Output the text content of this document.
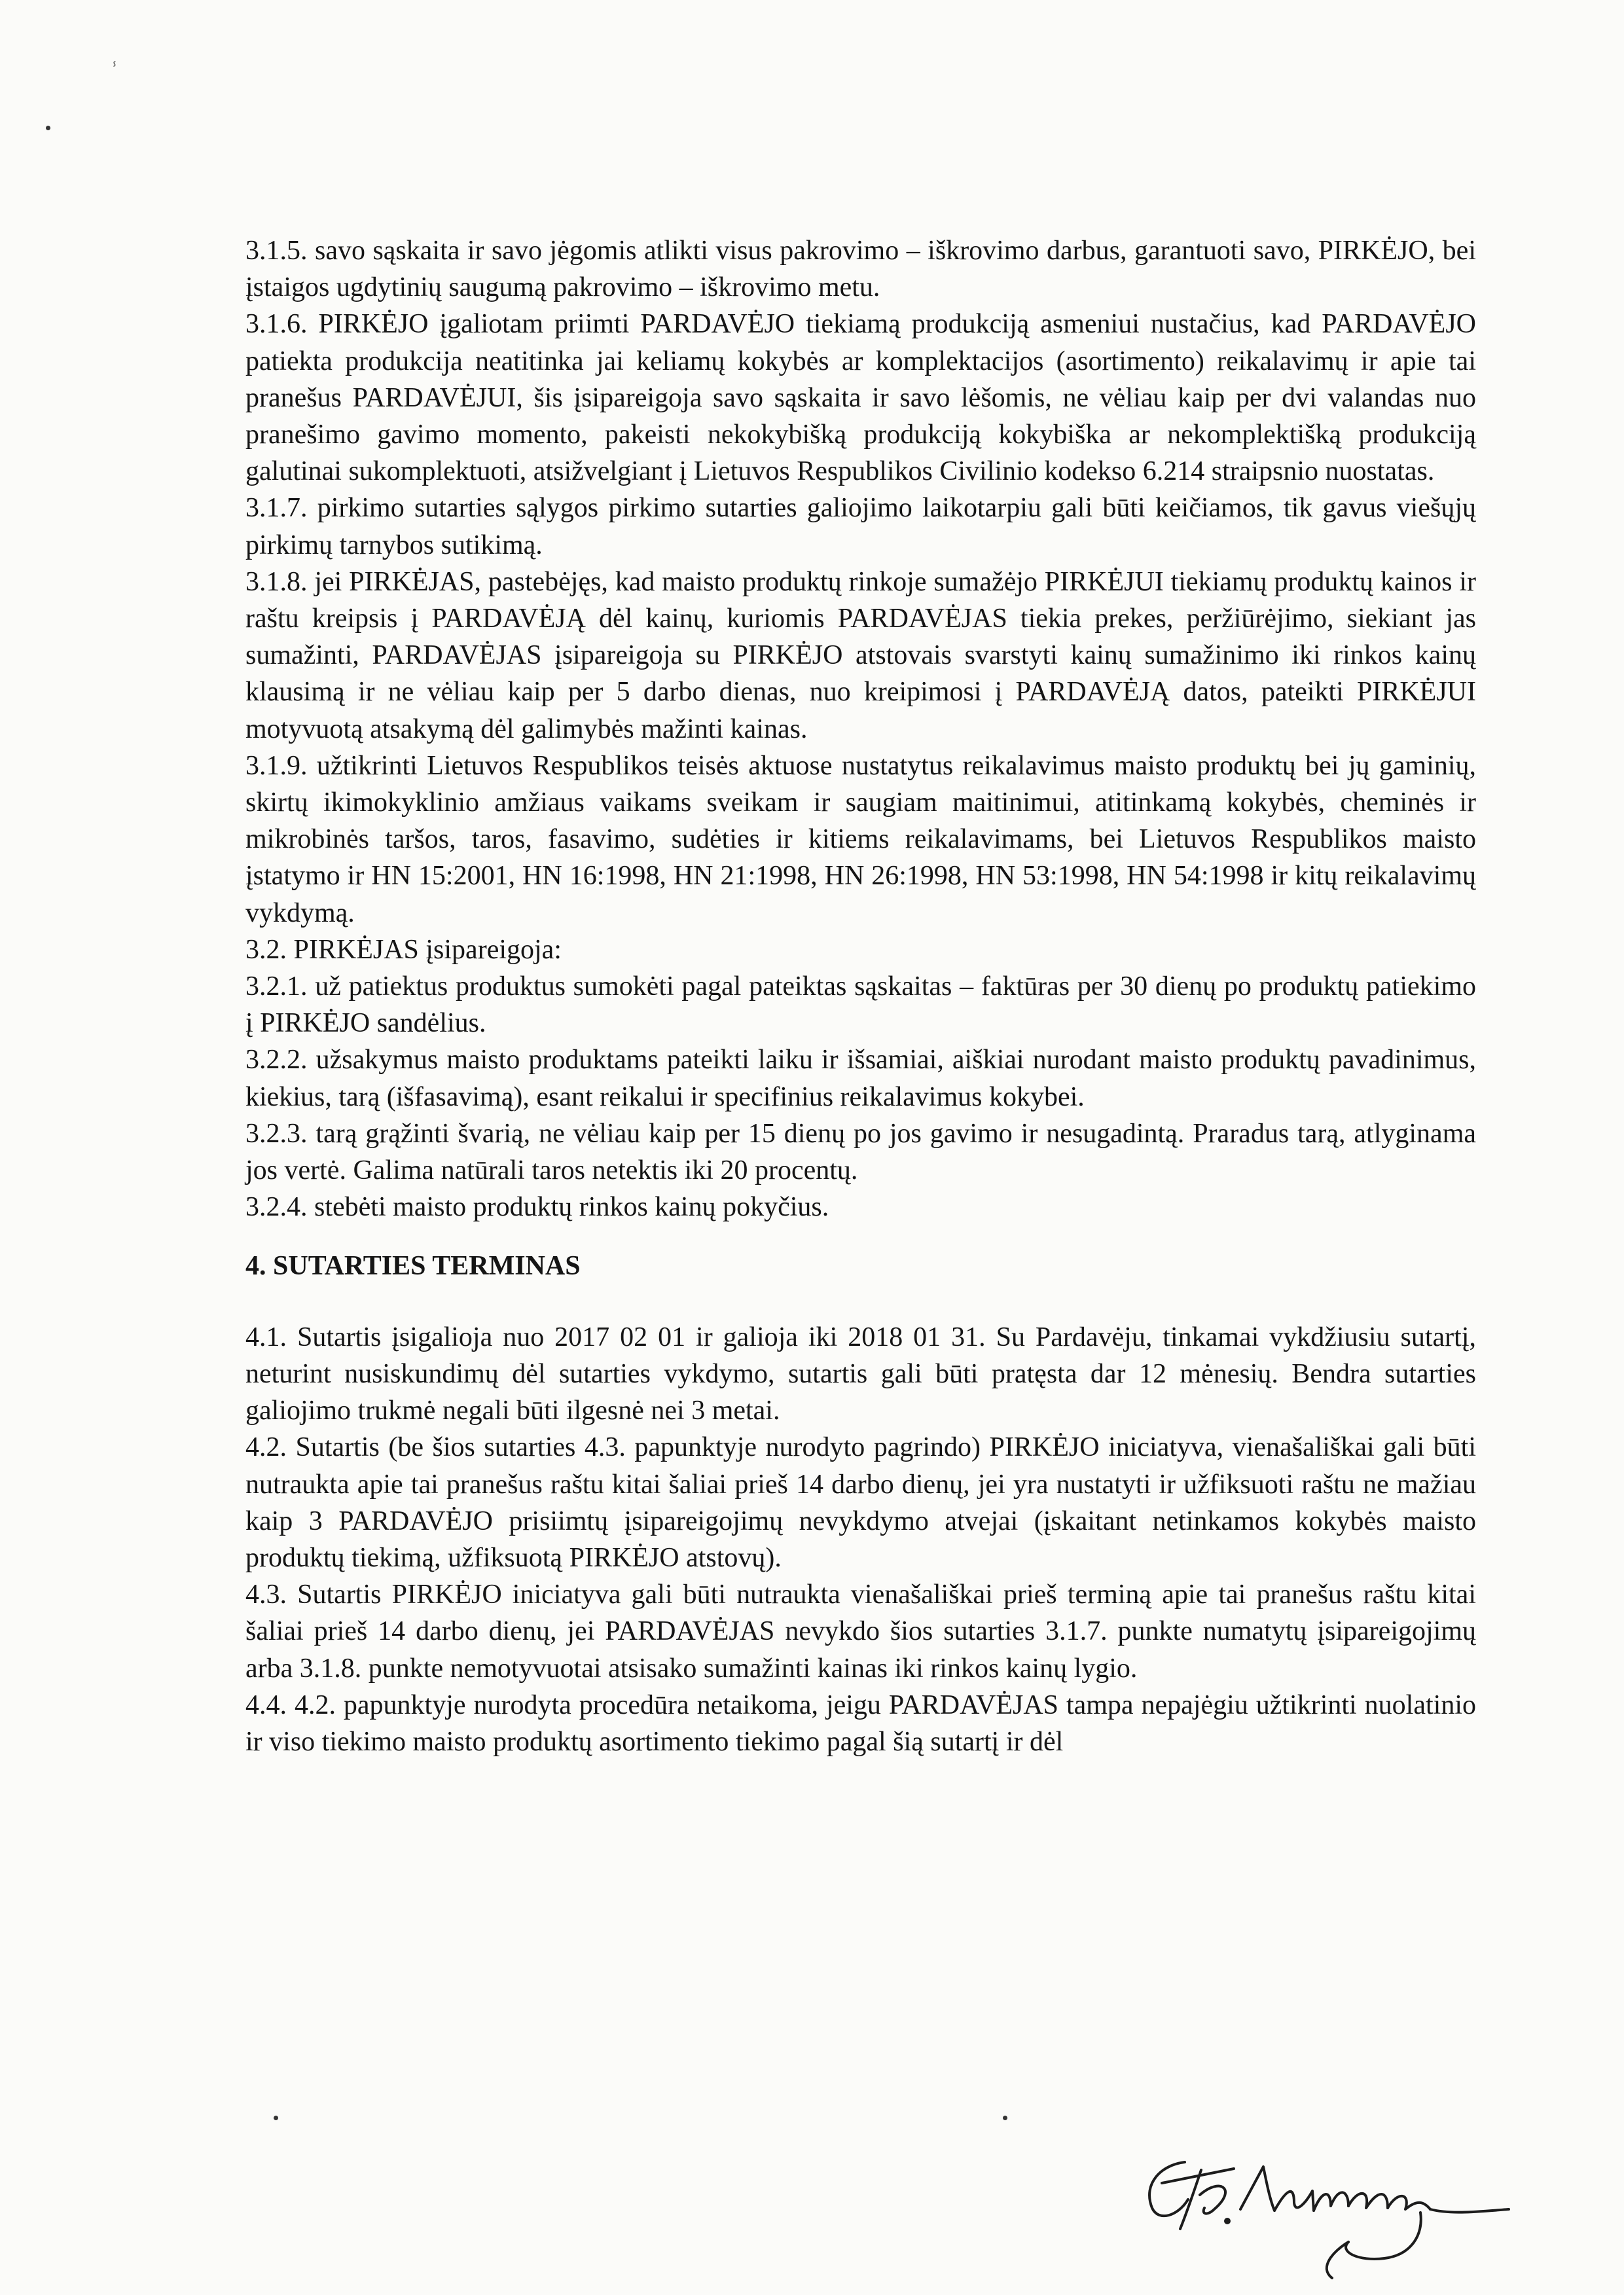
ⸯ

3.1.5. savo sąskaita ir savo jėgomis atlikti visus pakrovimo – iškrovimo darbus, garantuoti savo, PIRKĖJO, bei įstaigos ugdytinių saugumą pakrovimo – iškrovimo metu.

3.1.6. PIRKĖJO įgaliotam priimti PARDAVĖJO tiekiamą produkciją asmeniui nustačius, kad PARDAVĖJO patiekta produkcija neatitinka jai keliamų kokybės ar komplektacijos (asortimento) reikalavimų ir apie tai pranešus PARDAVĖJUI, šis įsipareigoja savo sąskaita ir savo lėšomis, ne vėliau kaip per dvi valandas nuo pranešimo gavimo momento, pakeisti nekokybišką produkciją kokybiška ar nekomplektišką produkciją galutinai sukomplektuoti, atsižvelgiant į Lietuvos Respublikos Civilinio kodekso 6.214 straipsnio nuostatas.

3.1.7. pirkimo sutarties sąlygos pirkimo sutarties galiojimo laikotarpiu gali būti keičiamos, tik gavus viešųjų pirkimų tarnybos sutikimą.

3.1.8. jei PIRKĖJAS, pastebėjęs, kad maisto produktų rinkoje sumažėjo PIRKĖJUI tiekiamų produktų kainos ir raštu kreipsis į PARDAVĖJĄ dėl kainų, kuriomis PARDAVĖJAS tiekia prekes, peržiūrėjimo, siekiant jas sumažinti, PARDAVĖJAS įsipareigoja su PIRKĖJO atstovais svarstyti kainų sumažinimo iki rinkos kainų klausimą ir ne vėliau kaip per 5 darbo dienas, nuo kreipimosi į PARDAVĖJĄ datos, pateikti PIRKĖJUI motyvuotą atsakymą dėl galimybės mažinti kainas.

3.1.9. užtikrinti Lietuvos Respublikos teisės aktuose nustatytus reikalavimus maisto produktų bei jų gaminių, skirtų ikimokyklinio amžiaus vaikams sveikam ir saugiam maitinimui, atitinkamą kokybės, cheminės ir mikrobinės taršos, taros, fasavimo, sudėties ir kitiems reikalavimams, bei Lietuvos Respublikos maisto įstatymo ir HN 15:2001, HN 16:1998, HN 21:1998, HN 26:1998, HN 53:1998, HN 54:1998 ir kitų reikalavimų vykdymą.

3.2. PIRKĖJAS įsipareigoja:

3.2.1. už patiektus produktus sumokėti pagal pateiktas sąskaitas – faktūras per 30 dienų po produktų patiekimo į PIRKĖJO sandėlius.

3.2.2. užsakymus maisto produktams pateikti laiku ir išsamiai, aiškiai nurodant maisto produktų pavadinimus, kiekius, tarą (išfasavimą), esant reikalui ir specifinius reikalavimus kokybei.

3.2.3. tarą grąžinti švarią, ne vėliau kaip per 15 dienų po jos gavimo ir nesugadintą. Praradus tarą, atlyginama jos vertė. Galima natūrali taros netektis iki 20 procentų.

3.2.4. stebėti maisto produktų rinkos kainų pokyčius.

4. SUTARTIES TERMINAS

4.1. Sutartis įsigalioja nuo 2017 02 01 ir galioja iki 2018 01 31. Su Pardavėju, tinkamai vykdžiusiu sutartį, neturint nusiskundimų dėl sutarties vykdymo, sutartis gali būti pratęsta dar 12 mėnesių. Bendra sutarties galiojimo trukmė negali būti ilgesnė nei 3 metai.

4.2. Sutartis (be šios sutarties 4.3. papunktyje nurodyto pagrindo) PIRKĖJO iniciatyva, vienašališkai gali būti nutraukta apie tai pranešus raštu kitai šaliai prieš 14 darbo dienų, jei yra nustatyti ir užfiksuoti raštu ne mažiau kaip 3 PARDAVĖJO prisiimtų įsipareigojimų nevykdymo atvejai (įskaitant netinkamos kokybės maisto produktų tiekimą, užfiksuotą PIRKĖJO atstovų).

4.3. Sutartis PIRKĖJO iniciatyva gali būti nutraukta vienašališkai prieš terminą apie tai pranešus raštu kitai šaliai prieš 14 darbo dienų, jei PARDAVĖJAS nevykdo šios sutarties 3.1.7. punkte numatytų įsipareigojimų arba 3.1.8. punkte nemotyvuotai atsisako sumažinti kainas iki rinkos kainų lygio.

4.4. 4.2. papunktyje nurodyta procedūra netaikoma, jeigu PARDAVĖJAS tampa nepajėgiu užtikrinti nuolatinio ir viso tiekimo maisto produktų asortimento tiekimo pagal šią sutartį ir dėl
